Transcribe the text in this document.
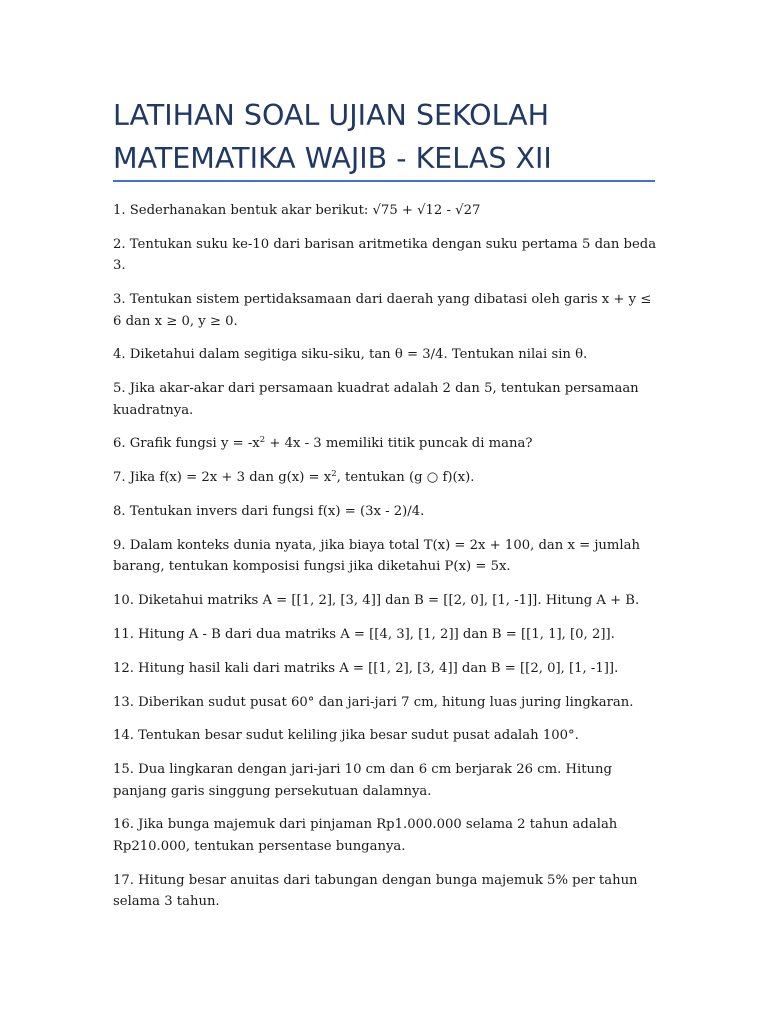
LATIHAN SOAL UJIAN SEKOLAH
MATEMATIKA WAJIB - KELAS XII
1. Sederhanakan bentuk akar berikut: √75 + √12 - √27
2. Tentukan suku ke-10 dari barisan aritmetika dengan suku pertama 5 dan beda 3.
3. Tentukan sistem pertidaksamaan dari daerah yang dibatasi oleh garis x + y ≤ 6 dan x ≥ 0, y ≥ 0.
4. Diketahui dalam segitiga siku-siku, tan θ = 3/4. Tentukan nilai sin θ.
5. Jika akar-akar dari persamaan kuadrat adalah 2 dan 5, tentukan persamaan kuadratnya.
6. Grafik fungsi $y = -x^2 + 4x - 3$ memiliki titik puncak di mana?
7. Jika f(x) = 2x + 3 dan $g(x) = x^2$, tentukan (g ○ f)(x).
8. Tentukan invers dari fungsi f(x) = (3x - 2)/4.
9. Dalam konteks dunia nyata, jika biaya total T(x) = 2x + 100, dan x = jumlah barang, tentukan komposisi fungsi jika diketahui P(x) = 5x.
10. Diketahui matriks A = [[1, 2], [3, 4]] dan B = [[2, 0], [1, -1]]. Hitung A + B.
11. Hitung A - B dari dua matriks A = [[4, 3], [1, 2]] dan B = [[1, 1], [0, 2]].
12. Hitung hasil kali dari matriks A = [[1, 2], [3, 4]] dan B = [[2, 0], [1, -1]].
13. Diberikan sudut pusat 60° dan jari-jari 7 cm, hitung luas juring lingkaran.
14. Tentukan besar sudut keliling jika besar sudut pusat adalah 100°.
15. Dua lingkaran dengan jari-jari 10 cm dan 6 cm berjarak 26 cm. Hitung panjang garis singgung persekutuan dalamnya.
16. Jika bunga majemuk dari pinjaman Rp1.000.000 selama 2 tahun adalah Rp210.000, tentukan persentase bunganya.
17. Hitung besar anuitas dari tabungan dengan bunga majemuk 5% per tahun selama 3 tahun.
